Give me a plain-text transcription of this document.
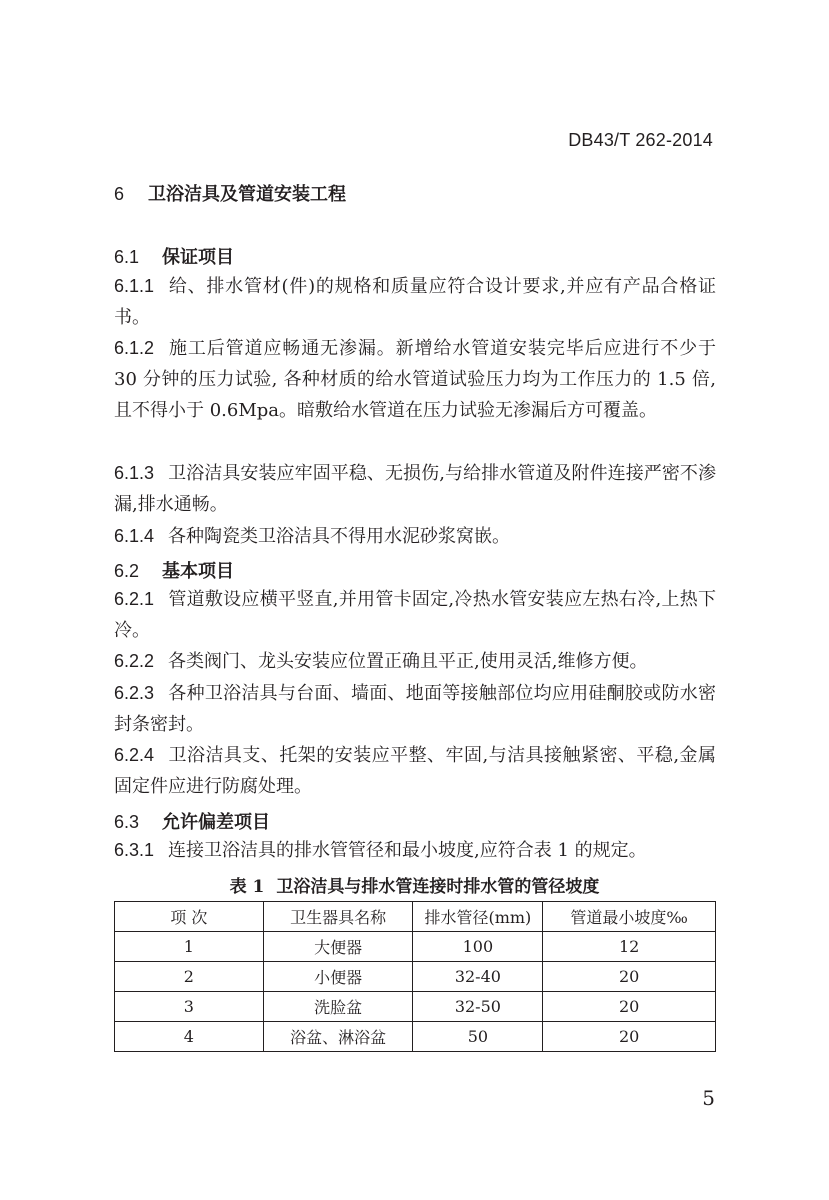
DB43/T 262-2014
6 卫浴洁具及管道安装工程
6.1 保证项目
6.1.1 给、排水管材(件)的规格和质量应符合设计要求,并应有产品合格证书。
6.1.2 施工后管道应畅通无渗漏。新增给水管道安装完毕后应进行不少于 30 分钟的压力试验, 各种材质的给水管道试验压力均为工作压力的 1.5 倍,且不得小于 0.6Mpa。暗敷给水管道在压力试验无渗漏后方可覆盖。
6.1.3 卫浴洁具安装应牢固平稳、无损伤,与给排水管道及附件连接严密不渗漏,排水通畅。
6.1.4 各种陶瓷类卫浴洁具不得用水泥砂浆窝嵌。
6.2 基本项目
6.2.1 管道敷设应横平竖直,并用管卡固定,冷热水管安装应左热右冷,上热下冷。
6.2.2 各类阀门、龙头安装应位置正确且平正,使用灵活,维修方便。
6.2.3 各种卫浴洁具与台面、墙面、地面等接触部位均应用硅酮胶或防水密封条密封。
6.2.4 卫浴洁具支、托架的安装应平整、牢固,与洁具接触紧密、平稳,金属固定件应进行防腐处理。
6.3 允许偏差项目
6.3.1 连接卫浴洁具的排水管管径和最小坡度,应符合表 1 的规定。
表 1 卫浴洁具与排水管连接时排水管的管径坡度
项 次	卫生器具名称	排水管径(mm)	管道最小坡度‰
1	大便器	100	12
2	小便器	32-40	20
3	洗脸盆	32-50	20
4	浴盆、淋浴盆	50	20
5
